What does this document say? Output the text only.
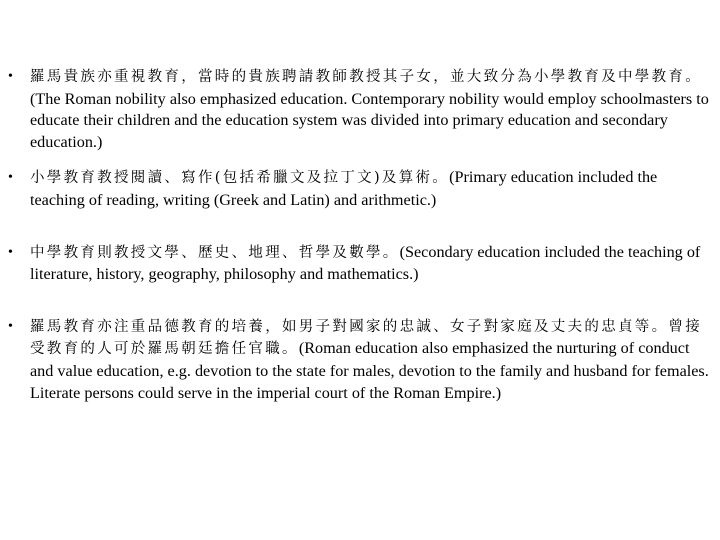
• 羅馬貴族亦重視教育，當時的貴族聘請教師教授其子女，並大致分為小學教育及中學教育。(The Roman nobility also emphasized education. Contemporary nobility would employ schoolmasters to educate their children and the education system was divided into primary education and secondary education.)
• 小學教育教授閱讀、寫作(包括希臘文及拉丁文)及算術。(Primary education included the teaching of reading, writing (Greek and Latin) and arithmetic.)
• 中學教育則教授文學、歷史、地理、哲學及數學。(Secondary education included the teaching of literature, history, geography, philosophy and mathematics.)
• 羅馬教育亦注重品德教育的培養，如男子對國家的忠誠、女子對家庭及丈夫的忠貞等。曾接受教育的人可於羅馬朝廷擔任官職。(Roman education also emphasized the nurturing of conduct and value education, e.g. devotion to the state for males, devotion to the family and husband for females. Literate persons could serve in the imperial court of the Roman Empire.)
